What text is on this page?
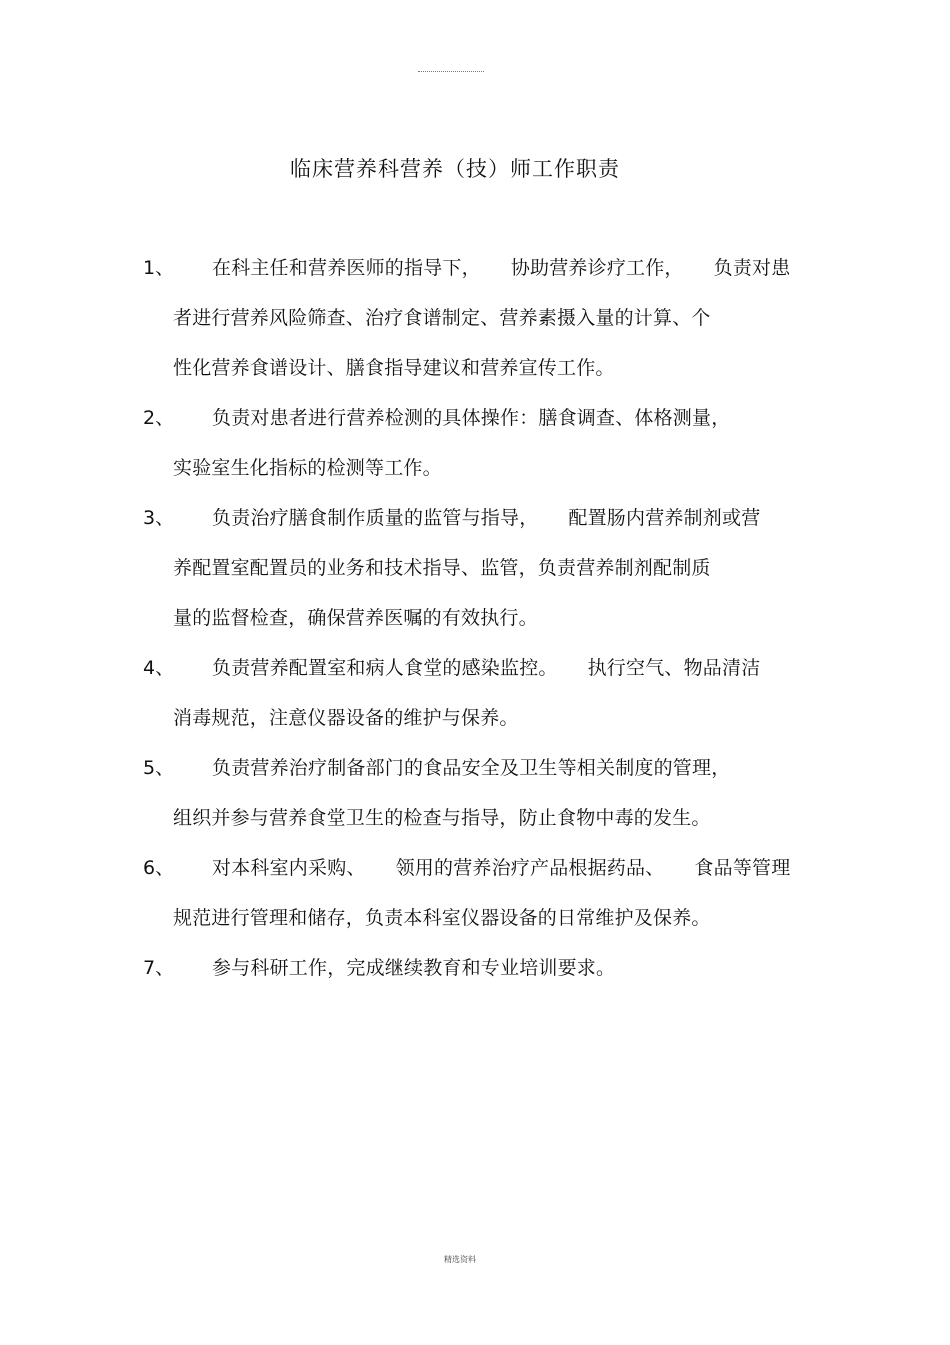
临床营养科营养（技）师工作职责
1、	在科主任和营养医师的指导下， 协助营养诊疗工作， 负责对患
者进行营养风险筛查、治疗食谱制定、营养素摄入量的计算、个
性化营养食谱设计、膳食指导建议和营养宣传工作。
2、	负责对患者进行营养检测的具体操作：膳食调查、体格测量，
实验室生化指标的检测等工作。
3、	负责治疗膳食制作质量的监管与指导， 配置肠内营养制剂或营
养配置室配置员的业务和技术指导、监管，负责营养制剂配制质
量的监督检查，确保营养医嘱的有效执行。
4、	负责营养配置室和病人食堂的感染监控。 执行空气、物品清洁
消毒规范，注意仪器设备的维护与保养。
5、	负责营养治疗制备部门的食品安全及卫生等相关制度的管理，
组织并参与营养食堂卫生的检查与指导，防止食物中毒的发生。
6、	对本科室内采购、 领用的营养治疗产品根据药品、 食品等管理
规范进行管理和储存，负责本科室仪器设备的日常维护及保养。
7、	参与科研工作，完成继续教育和专业培训要求。
精选资料
